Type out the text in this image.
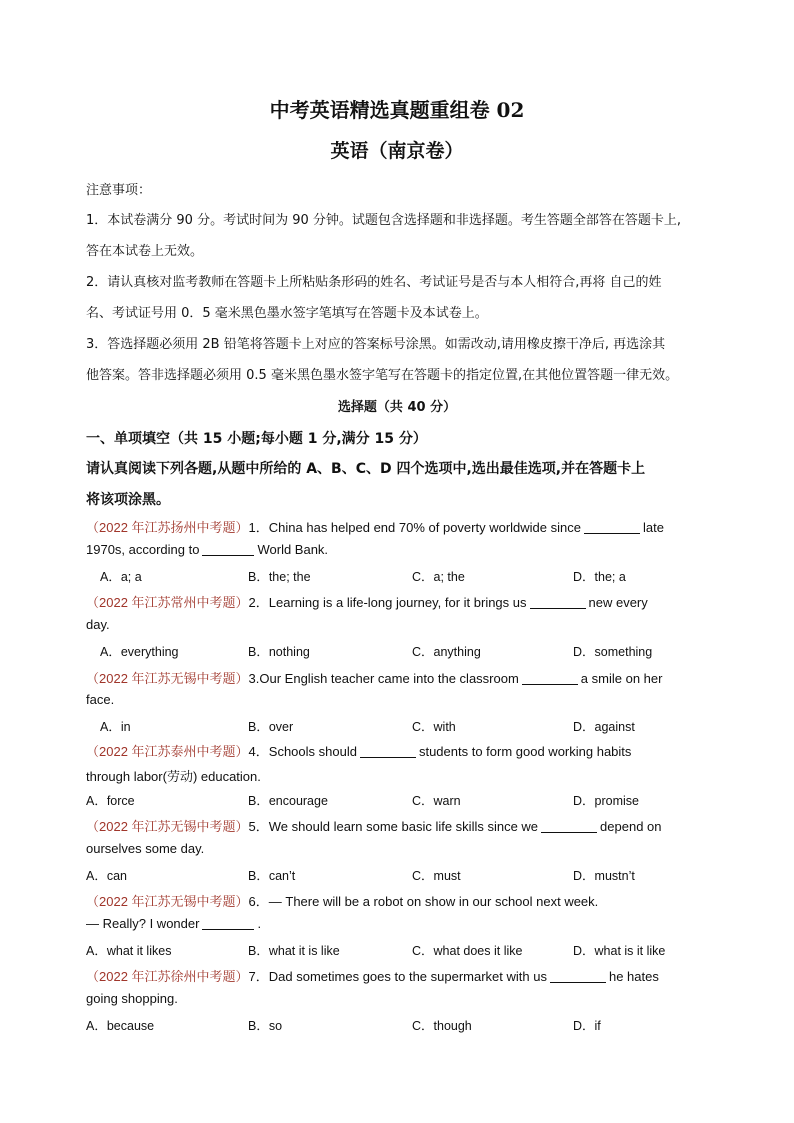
中考英语精选真题重组卷 02
英语（南京卷）
注意事项：
1．本试卷满分 90 分。考试时间为 90 分钟。试题包含选择题和非选择题。考生答题全部答在答题卡上,
答在本试卷上无效。
2．请认真核对监考教师在答题卡上所粘贴条形码的姓名、考试证号是否与本人相符合,再将 自己的姓
名、考试证号用 0．5 毫米黑色墨水签字笔填写在答题卡及本试卷上。
3．答选择题必须用 2B 铅笔将答题卡上对应的答案标号涂黑。如需改动,请用橡皮擦干净后, 再选涂其
他答案。答非选择题必须用 0.5 毫米黑色墨水签字笔写在答题卡的指定位置,在其他位置答题一律无效。
选择题（共 40 分）
一、单项填空（共 15 小题;每小题 1 分,满分 15 分）
请认真阅读下列各题,从题中所给的 A、B、C、D 四个选项中,选出最佳选项,并在答题卡上
将该项涂黑。
（2022 年江苏扬州中考题）1．China has helped end 70% of poverty worldwide since	late
1970s, according to	World Bank.
A．a; a	B．the; the	C．a; the	D．the; a
（2022 年江苏常州中考题）2．Learning is a life-long journey, for it brings us	new every
day.
A．everything	B．nothing	C．anything	D．something
（2022 年江苏无锡中考题）3.Our English teacher came into the classroom	a smile on her
face.
A．in	B．over	C．with	D．against
（2022 年江苏泰州中考题）4．Schools should	students to form good working habits
through labor(劳动) education.
A．force	B．encourage	C．warn	D．promise
（2022 年江苏无锡中考题）5．We should learn some basic life skills since we	depend on
ourselves some day.
A．can	B．can’t	C．must	D．mustn’t
（2022 年江苏无锡中考题）6．— There will be a robot on show in our school next week.
— Really? I wonder	.
A．what it likes	B．what it is like	C．what does it like	D．what is it like
（2022 年江苏徐州中考题）7．Dad sometimes goes to the supermarket with us	he hates
going shopping.
A．because	B．so	C．though	D．if
